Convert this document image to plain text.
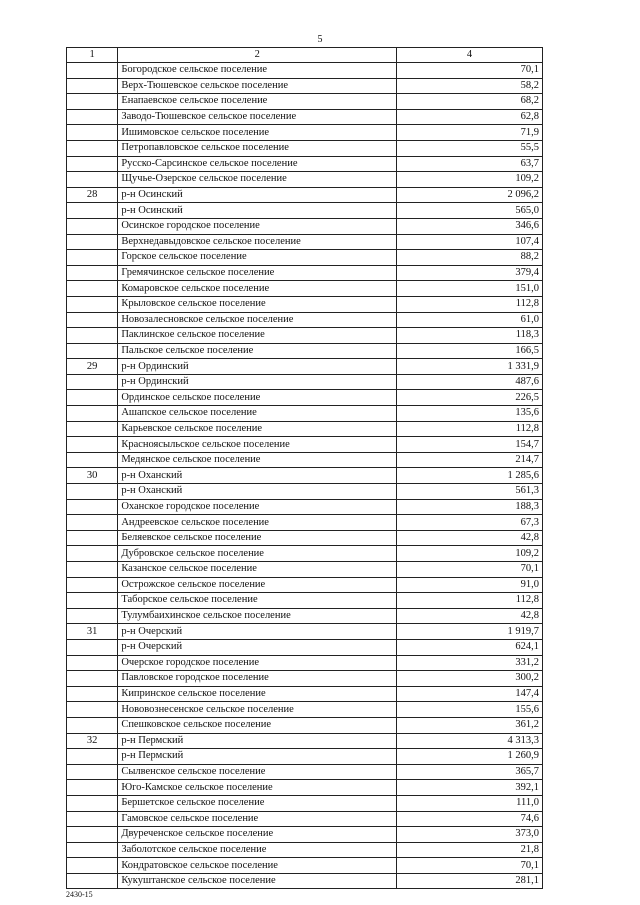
5
1	2	4
	Богородское сельское поселение	70,1
	Верх-Тюшевское сельское поселение	58,2
	Енапаевское сельское поселение	68,2
	Заводо-Тюшевское сельское поселение	62,8
	Ишимовское сельское поселение	71,9
	Петропавловское сельское поселение	55,5
	Русско-Сарсинское сельское поселение	63,7
	Щучье-Озерское сельское поселение	109,2
28	р-н Осинский	2 096,2
	р-н Осинский	565,0
	Осинское городское поселение	346,6
	Верхнедавыдовское сельское поселение	107,4
	Горское сельское поселение	88,2
	Гремячинское сельское поселение	379,4
	Комаровское сельское поселение	151,0
	Крыловское сельское поселение	112,8
	Новозалесновское сельское поселение	61,0
	Паклинское сельское поселение	118,3
	Пальское сельское поселение	166,5
29	р-н Ординский	1 331,9
	р-н Ординский	487,6
	Ординское сельское поселение	226,5
	Ашапское сельское поселение	135,6
	Карьевское сельское поселение	112,8
	Красноясыльское сельское поселение	154,7
	Медянское сельское поселение	214,7
30	р-н Оханский	1 285,6
	р-н Оханский	561,3
	Оханское городское поселение	188,3
	Андреевское сельское поселение	67,3
	Беляевское сельское поселение	42,8
	Дубровское сельское поселение	109,2
	Казанское сельское поселение	70,1
	Острожское сельское поселение	91,0
	Таборское сельское поселение	112,8
	Тулумбаихинское сельское поселение	42,8
31	р-н Очерский	1 919,7
	р-н Очерский	624,1
	Очерское городское поселение	331,2
	Павловское городское поселение	300,2
	Кипринское сельское поселение	147,4
	Нововознесенское сельское поселение	155,6
	Спешковское сельское поселение	361,2
32	р-н Пермский	4 313,3
	р-н Пермский	1 260,9
	Сылвенское сельское поселение	365,7
	Юго-Камское сельское поселение	392,1
	Бершетское сельское поселение	111,0
	Гамовское сельское поселение	74,6
	Двуреченское сельское поселение	373,0
	Заболотское сельское поселение	21,8
	Кондратовское сельское поселение	70,1
	Кукуштанское сельское поселение	281,1
2430-15
